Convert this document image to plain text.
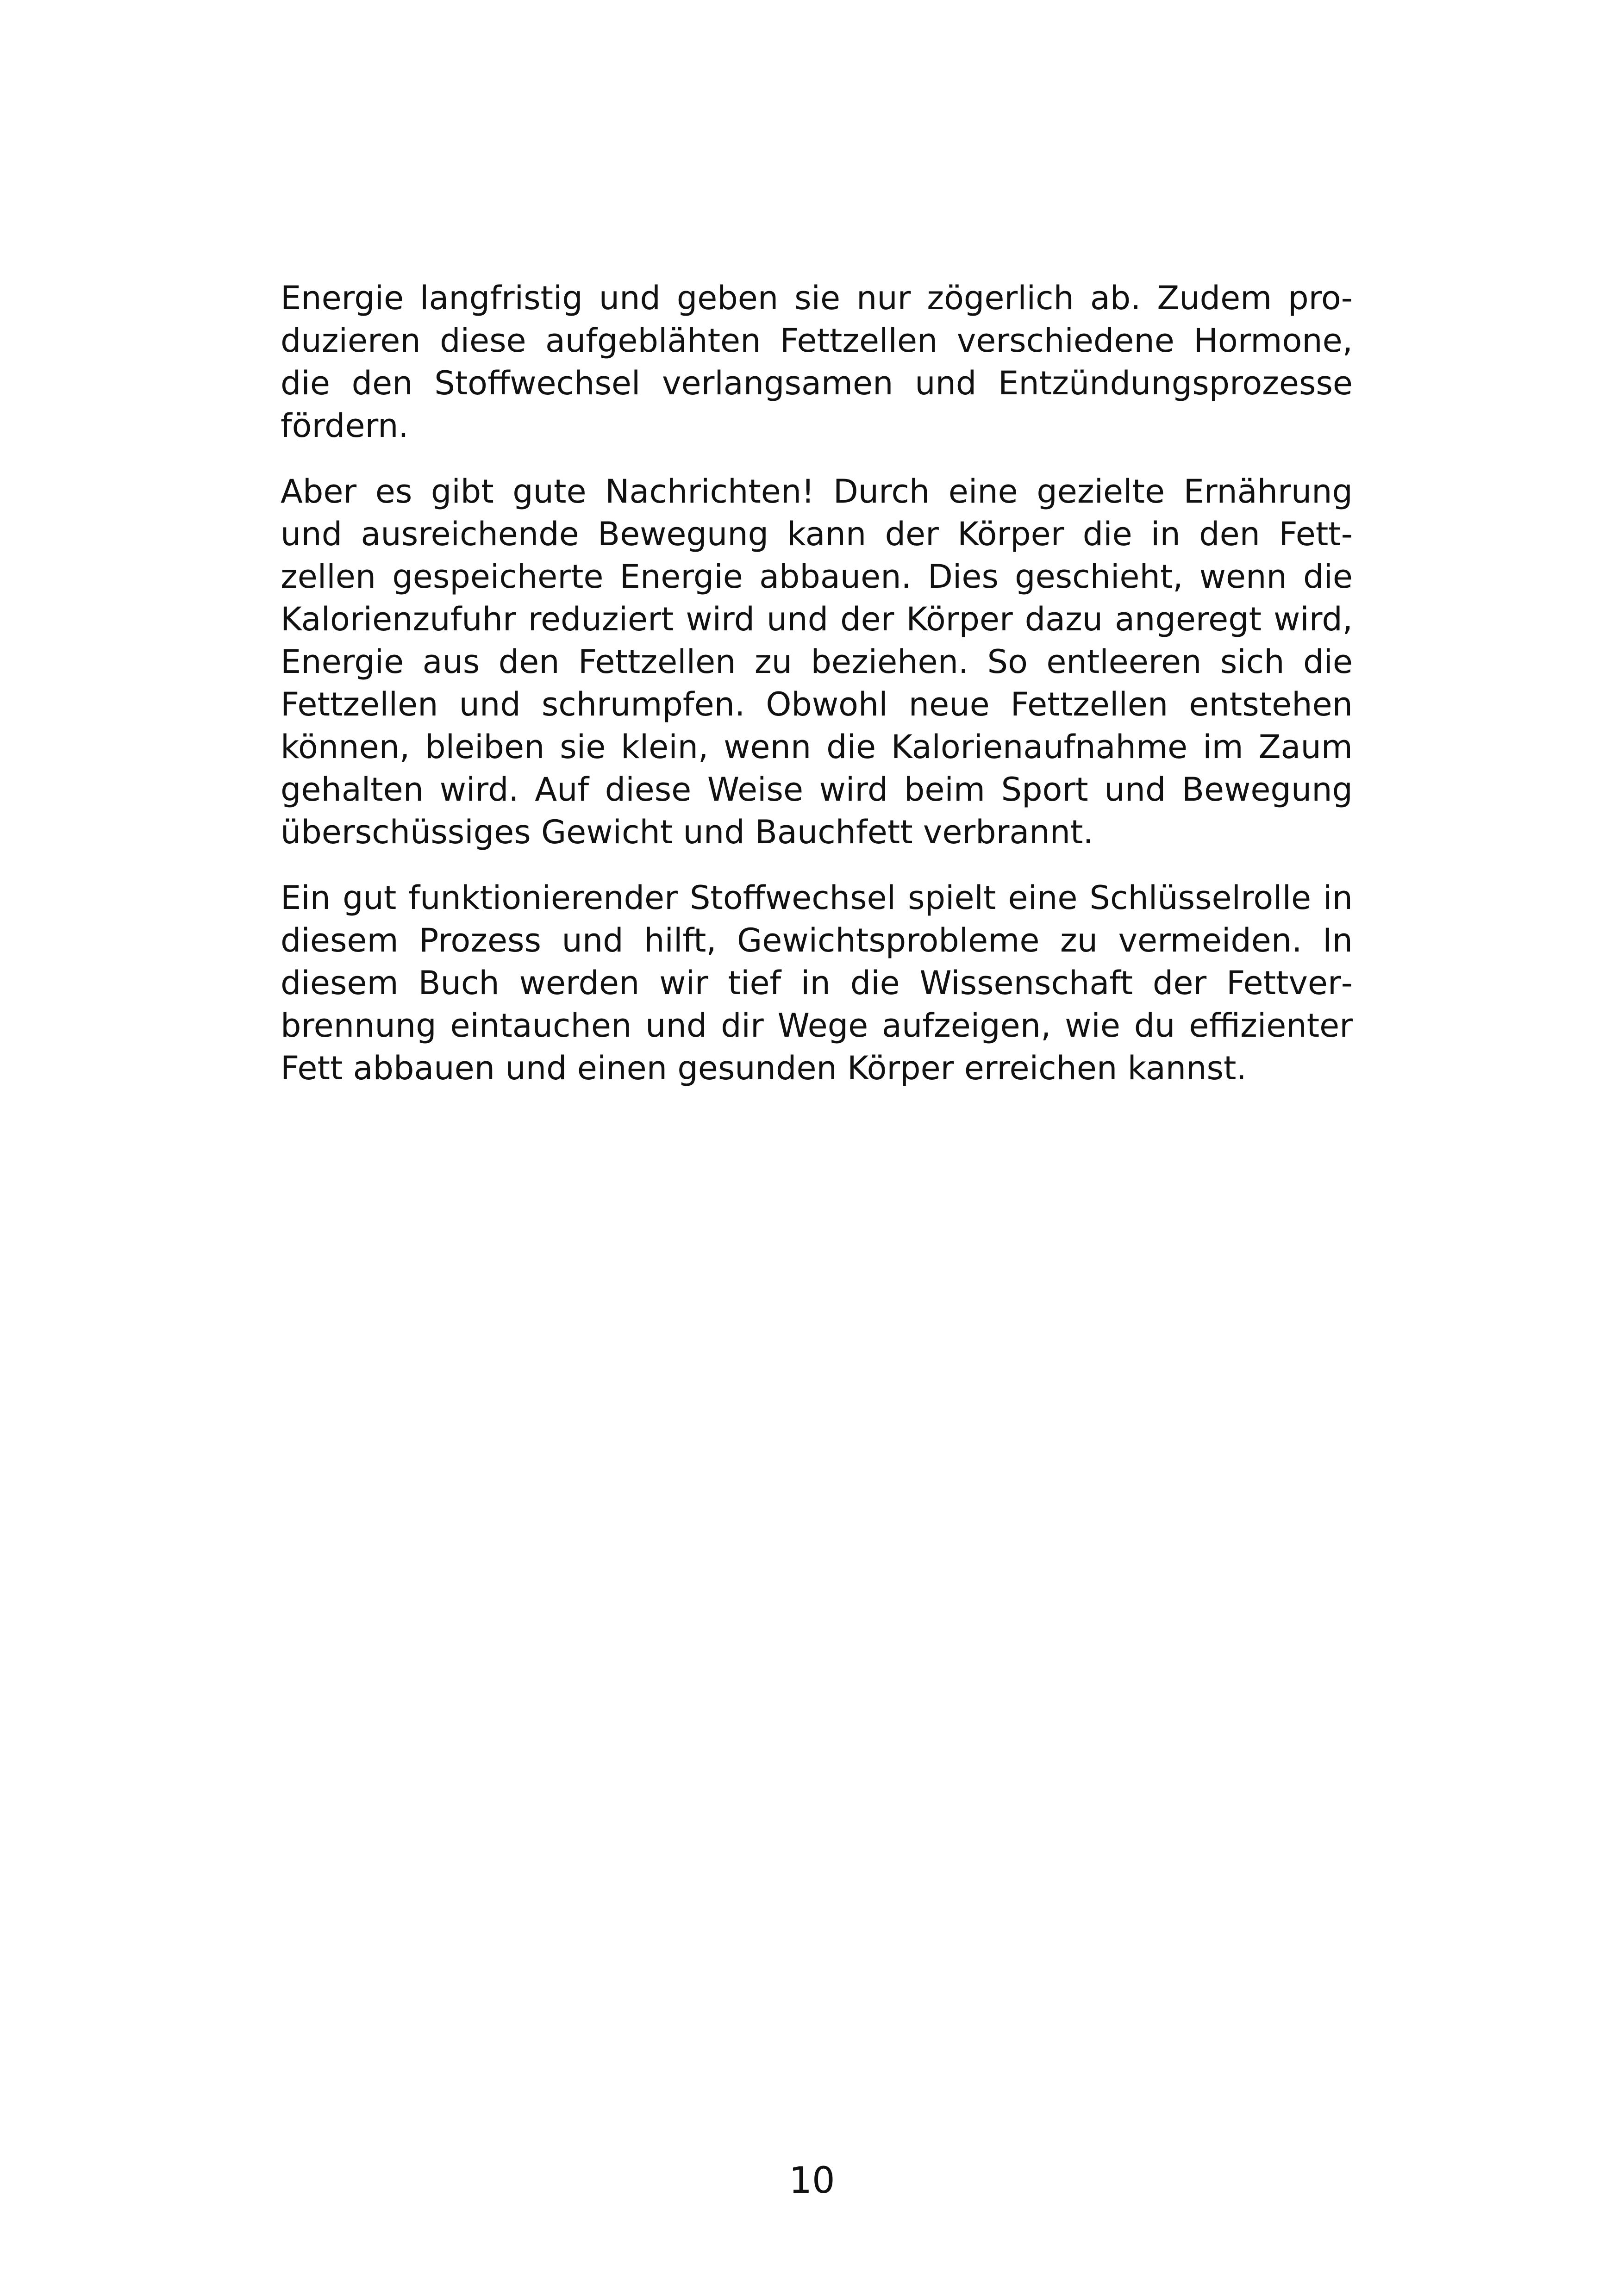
Energie langfristig und geben sie nur zögerlich ab. Zudem produzieren diese aufgeblähten Fettzellen verschiedene Hormone, die den Stoffwechsel verlangsamen und Entzündungsprozesse fördern.

Aber es gibt gute Nachrichten! Durch eine gezielte Ernährung und ausreichende Bewegung kann der Körper die in den Fettzellen gespeicherte Energie abbauen. Dies geschieht, wenn die Kalorienzufuhr reduziert wird und der Körper dazu angeregt wird, Energie aus den Fettzellen zu beziehen. So entleeren sich die Fettzellen und schrumpfen. Obwohl neue Fettzellen entstehen können, bleiben sie klein, wenn die Kalorienaufnahme im Zaum gehalten wird. Auf diese Weise wird beim Sport und Bewegung überschüssiges Gewicht und Bauchfett verbrannt.

Ein gut funktionierender Stoffwechsel spielt eine Schlüsselrolle in diesem Prozess und hilft, Gewichtsprobleme zu vermeiden. In diesem Buch werden wir tief in die Wissenschaft der Fettverbrennung eintauchen und dir Wege aufzeigen, wie du effizienter Fett abbauen und einen gesunden Körper erreichen kannst.

10
